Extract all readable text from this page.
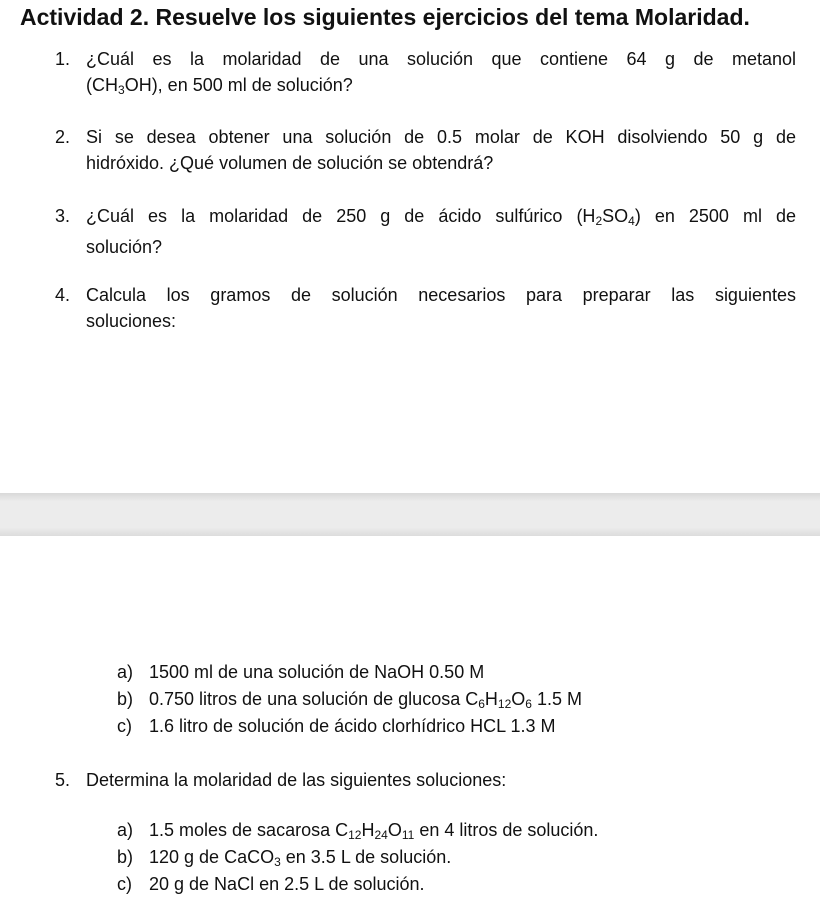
Actividad 2. Resuelve los siguientes ejercicios del tema Molaridad.
1. ¿Cuál es la molaridad de una solución que contiene 64 g de metanol
$(CH_3OH)$, en 500 ml de solución?
2. Si se desea obtener una solución de 0.5 molar de KOH disolviendo 50 g de
hidróxido. ¿Qué volumen de solución se obtendrá?
3. ¿Cuál es la molaridad de 250 g de ácido sulfúrico $(H_2SO_4)$ en 2500 ml de
solución?
4. Calcula los gramos de solución necesarios para preparar las siguientes
soluciones:
a) 1500 ml de una solución de NaOH 0.50 M
b) 0.750 litros de una solución de glucosa $C_6H_{12}O_6$ 1.5 M
c) 1.6 litro de solución de ácido clorhídrico HCL 1.3 M
5. Determina la molaridad de las siguientes soluciones:
a) 1.5 moles de sacarosa $C_{12}H_{24}O_{11}$ en 4 litros de solución.
b) 120 g de CaCO$_3$ en 3.5 L de solución.
c) 20 g de NaCl en 2.5 L de solución.
